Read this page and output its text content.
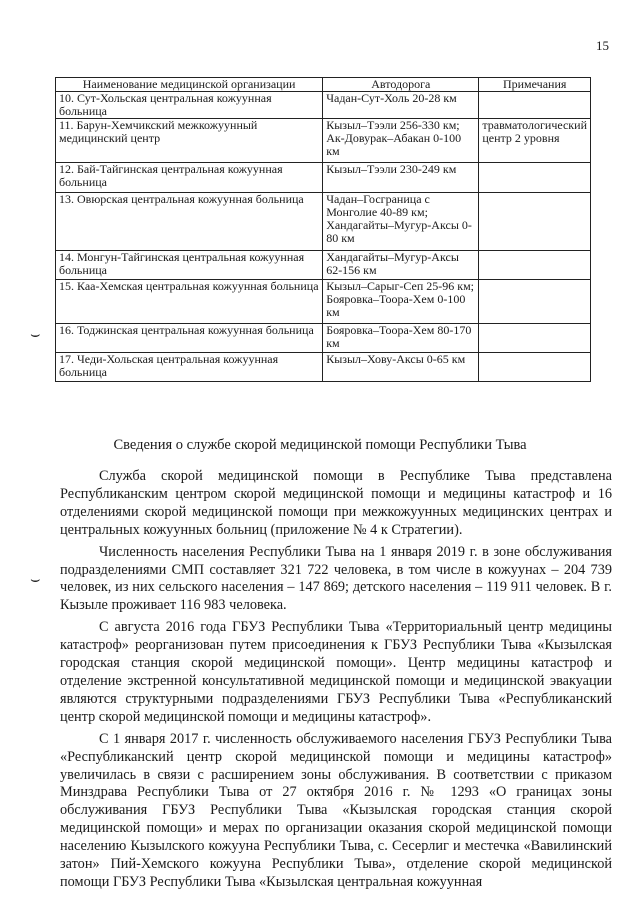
15
Наименование медицинской организации	Автодорога	Примечания
10. Сут-Хольская центральная кожуунная больница	Чадан-Сут-Холь 20-28 км	
11. Барун-Хемчикский межкожуунный медицинский центр	Кызыл–Тээли 256-330 км; Ак-Довурак–Абакан 0-100 км	травматологический центр 2 уровня
12. Бай-Тайгинская центральная кожуунная больница	Кызыл–Тээли 230-249 км	
13. Овюрская центральная кожуунная больница	Чадан–Госграница с Монголие 40-89 км; Хандагайты–Мугур-Аксы 0-80 км	
14. Монгун-Тайгинская центральная кожуунная больница	Хандагайты–Мугур-Аксы 62-156 км	
15. Каа-Хемская центральная кожуунная больница	Кызыл–Сарыг-Сеп 25-96 км; Бояровка–Тоора-Хем 0-100 км	
16. Тоджинская центральная кожуунная больница	Бояровка–Тоора-Хем 80-170 км	
17. Чеди-Хольская центральная кожуунная больница	Кызыл–Хову-Аксы 0-65 км	
Сведения о службе скорой медицинской помощи Республики Тыва

Служба скорой медицинской помощи в Республике Тыва представлена Республиканским центром скорой медицинской помощи и медицины катастроф и 16 отделениями скорой медицинской помощи при межкожуунных медицинских центрах и центральных кожуунных больниц (приложение № 4 к Стратегии).

Численность населения Республики Тыва на 1 января 2019 г. в зоне обслуживания подразделениями СМП составляет 321 722 человека, в том числе в кожуунах – 204 739 человек, из них сельского населения – 147 869; детского населения – 119 911 человек. В г. Кызыле проживает 116 983 человека.

С августа 2016 года ГБУЗ Республики Тыва «Территориальный центр медицины катастроф» реорганизован путем присоединения к ГБУЗ Республики Тыва «Кызылская городская станция скорой медицинской помощи». Центр медицины катастроф и отделение экстренной консультативной медицинской помощи и медицинской эвакуации являются структурными подразделениями ГБУЗ Республики Тыва «Республиканский центр скорой медицинской помощи и медицины катастроф».

С 1 января 2017 г. численность обслуживаемого населения ГБУЗ Республики Тыва «Республиканский центр скорой медицинской помощи и медицины катастроф» увеличилась в связи с расширением зоны обслуживания. В соответствии с приказом Минздрава Республики Тыва от 27 октября 2016 г. № 1293 «О границах зоны обслуживания ГБУЗ Республики Тыва «Кызылская городская станция скорой медицинской помощи» и мерах по организации оказания скорой медицинской помощи населению Кызылского кожууна Республики Тыва, с. Сесерлиг и местечка «Вавилинский затон» Пий-Хемского кожууна Республики Тыва», отделение скорой медицинской помощи ГБУЗ Республики Тыва «Кызылская центральная кожуунная

⌣
⌣
